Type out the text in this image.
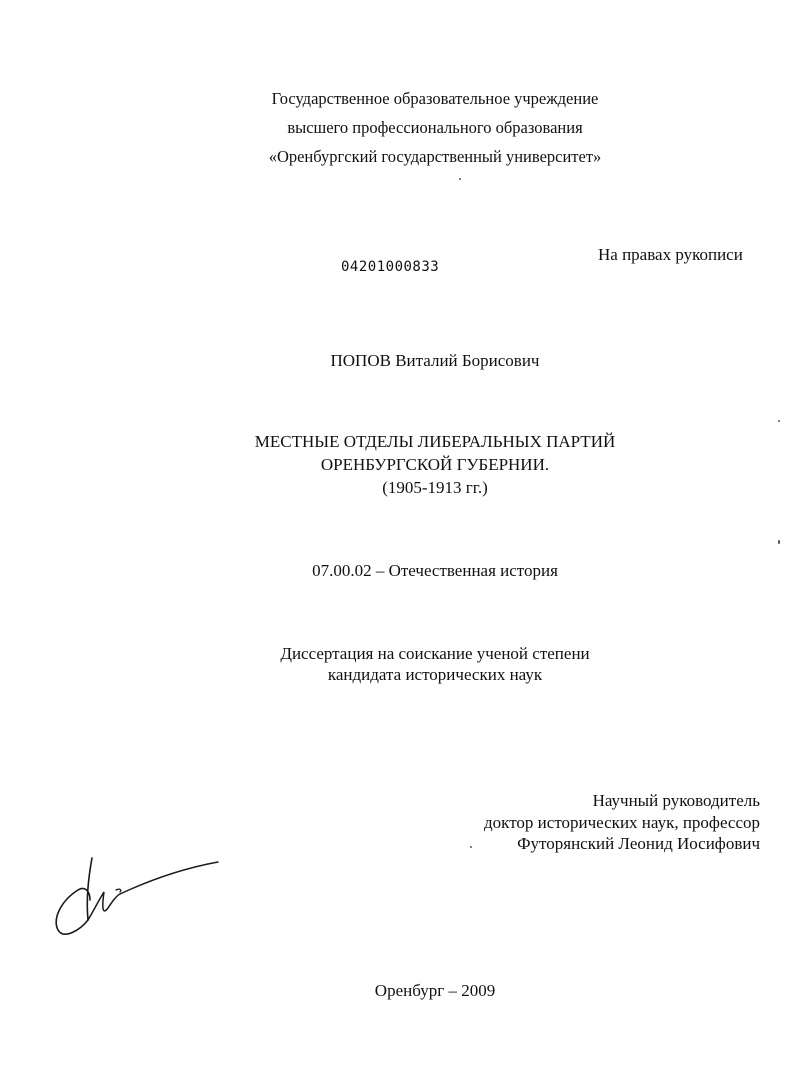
Государственное образовательное учреждение
высшего профессионального образования
«Оренбургский государственный университет»
На правах рукописи
04201000833
ПОПОВ Виталий Борисович
МЕСТНЫЕ ОТДЕЛЫ ЛИБЕРАЛЬНЫХ ПАРТИЙ
ОРЕНБУРГСКОЙ ГУБЕРНИИ.
(1905-1913 гг.)
07.00.02 – Отечественная история
Диссертация на соискание ученой степени
кандидата исторических наук
Научный руководитель
доктор исторических наук, профессор
Футорянский Леонид Иосифович
Оренбург – 2009
